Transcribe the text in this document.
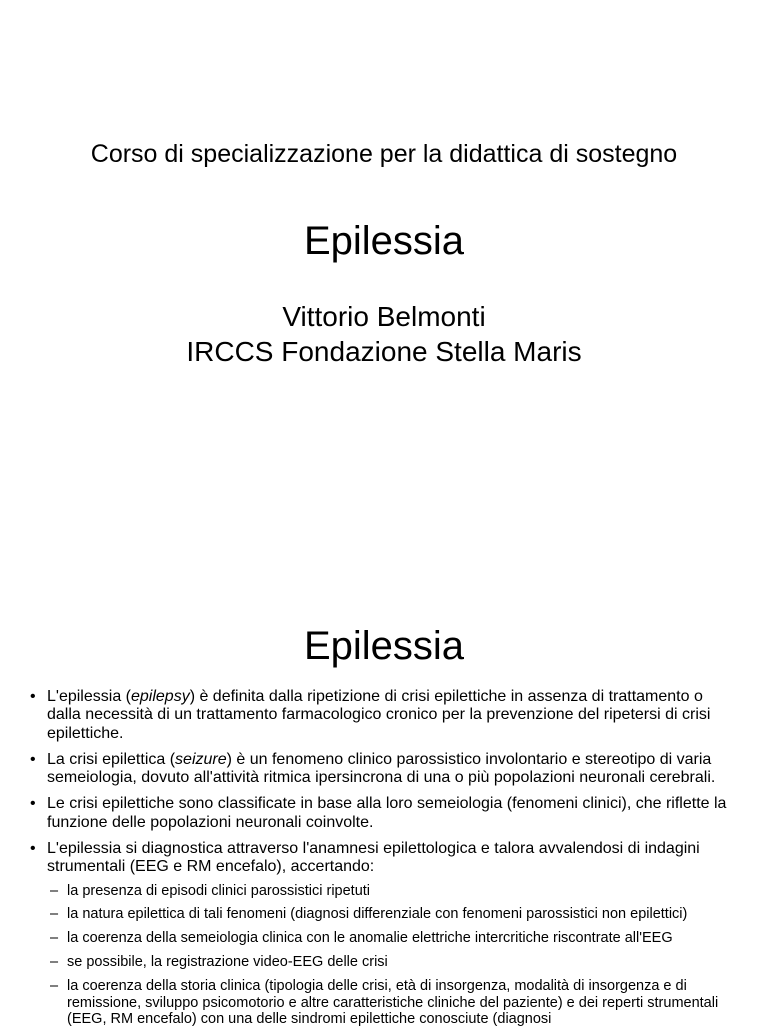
Corso di specializzazione per la didattica di sostegno
Epilessia
Vittorio Belmonti
IRCCS Fondazione Stella Maris
Epilessia
• L'epilessia (epilepsy) è definita dalla ripetizione di crisi epilettiche in assenza di trattamento o dalla necessità di un trattamento farmacologico cronico per la prevenzione del ripetersi di crisi epilettiche.
• La crisi epilettica (seizure) è un fenomeno clinico parossistico involontario e stereotipo di varia semeiologia, dovuto all'attività ritmica ipersincrona di una o più popolazioni neuronali cerebrali.
• Le crisi epilettiche sono classificate in base alla loro semeiologia (fenomeni clinici), che riflette la funzione delle popolazioni neuronali coinvolte.
• L'epilessia si diagnostica attraverso l'anamnesi epilettologica e talora avvalendosi di indagini strumentali (EEG e RM encefalo), accertando:
– la presenza di episodi clinici parossistici ripetuti
– la natura epilettica di tali fenomeni (diagnosi differenziale con fenomeni parossistici non epilettici)
– la coerenza della semeiologia clinica con le anomalie elettriche intercritiche riscontrate all'EEG
– se possibile, la registrazione video-EEG delle crisi
– la coerenza della storia clinica (tipologia delle crisi, età di insorgenza, modalità di insorgenza e di remissione, sviluppo psicomotorio e altre caratteristiche cliniche del paziente) e dei reperti strumentali (EEG, RM encefalo) con una delle sindromi epilettiche conosciute (diagnosi
